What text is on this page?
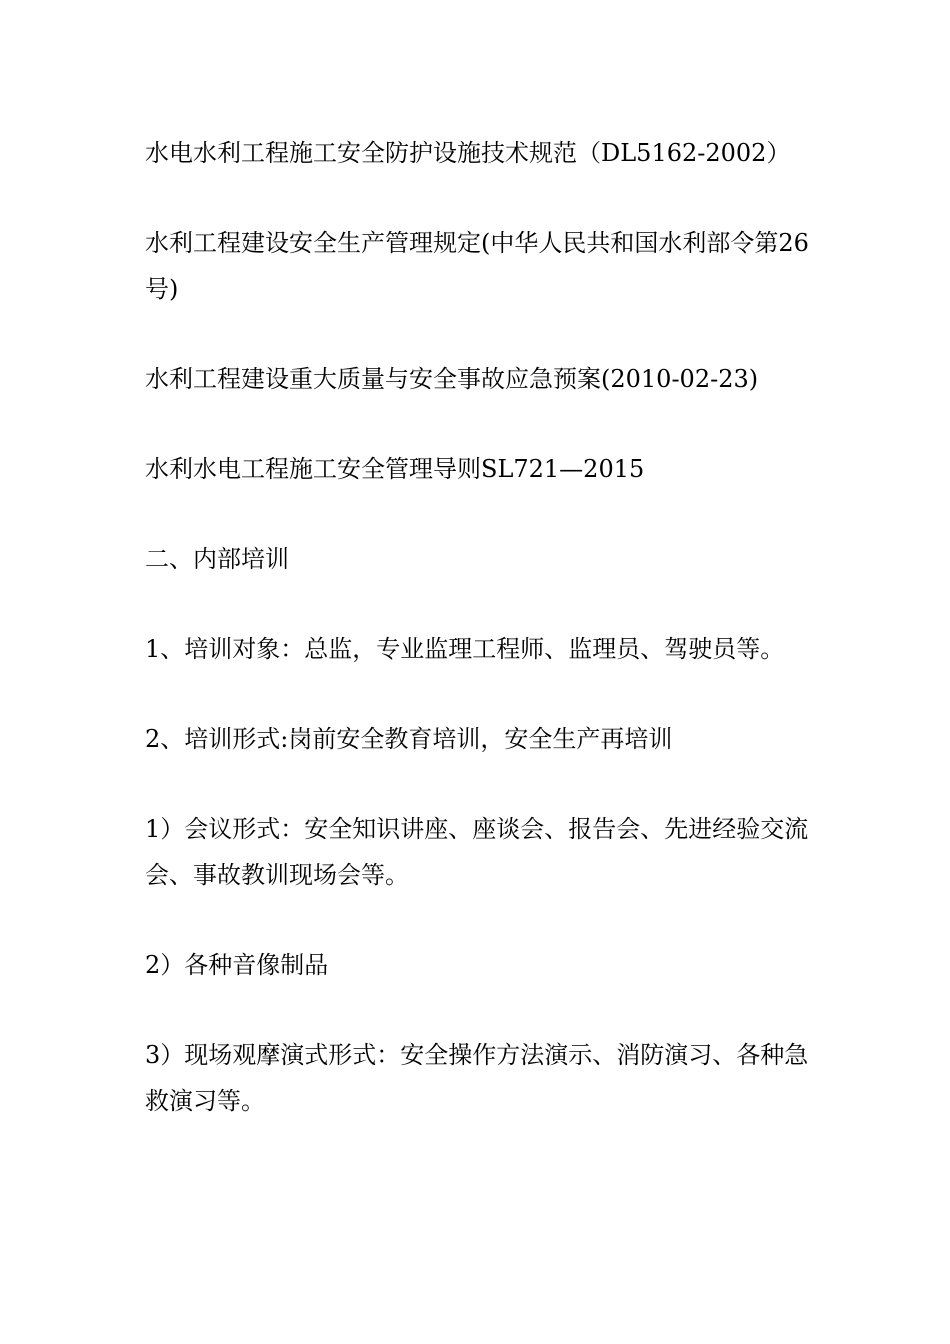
水电水利工程施工安全防护设施技术规范（DL5162-2002）

水利工程建设安全生产管理规定(中华人民共和国水利部令第26号)

水利工程建设重大质量与安全事故应急预案(2010-02-23)

水利水电工程施工安全管理导则SL721—2015

二、内部培训

1、培训对象：总监，专业监理工程师、监理员、驾驶员等。

2、培训形式:岗前安全教育培训，安全生产再培训

1）会议形式：安全知识讲座、座谈会、报告会、先进经验交流会、事故教训现场会等。

2）各种音像制品

3）现场观摩演式形式：安全操作方法演示、消防演习、各种急救演习等。
